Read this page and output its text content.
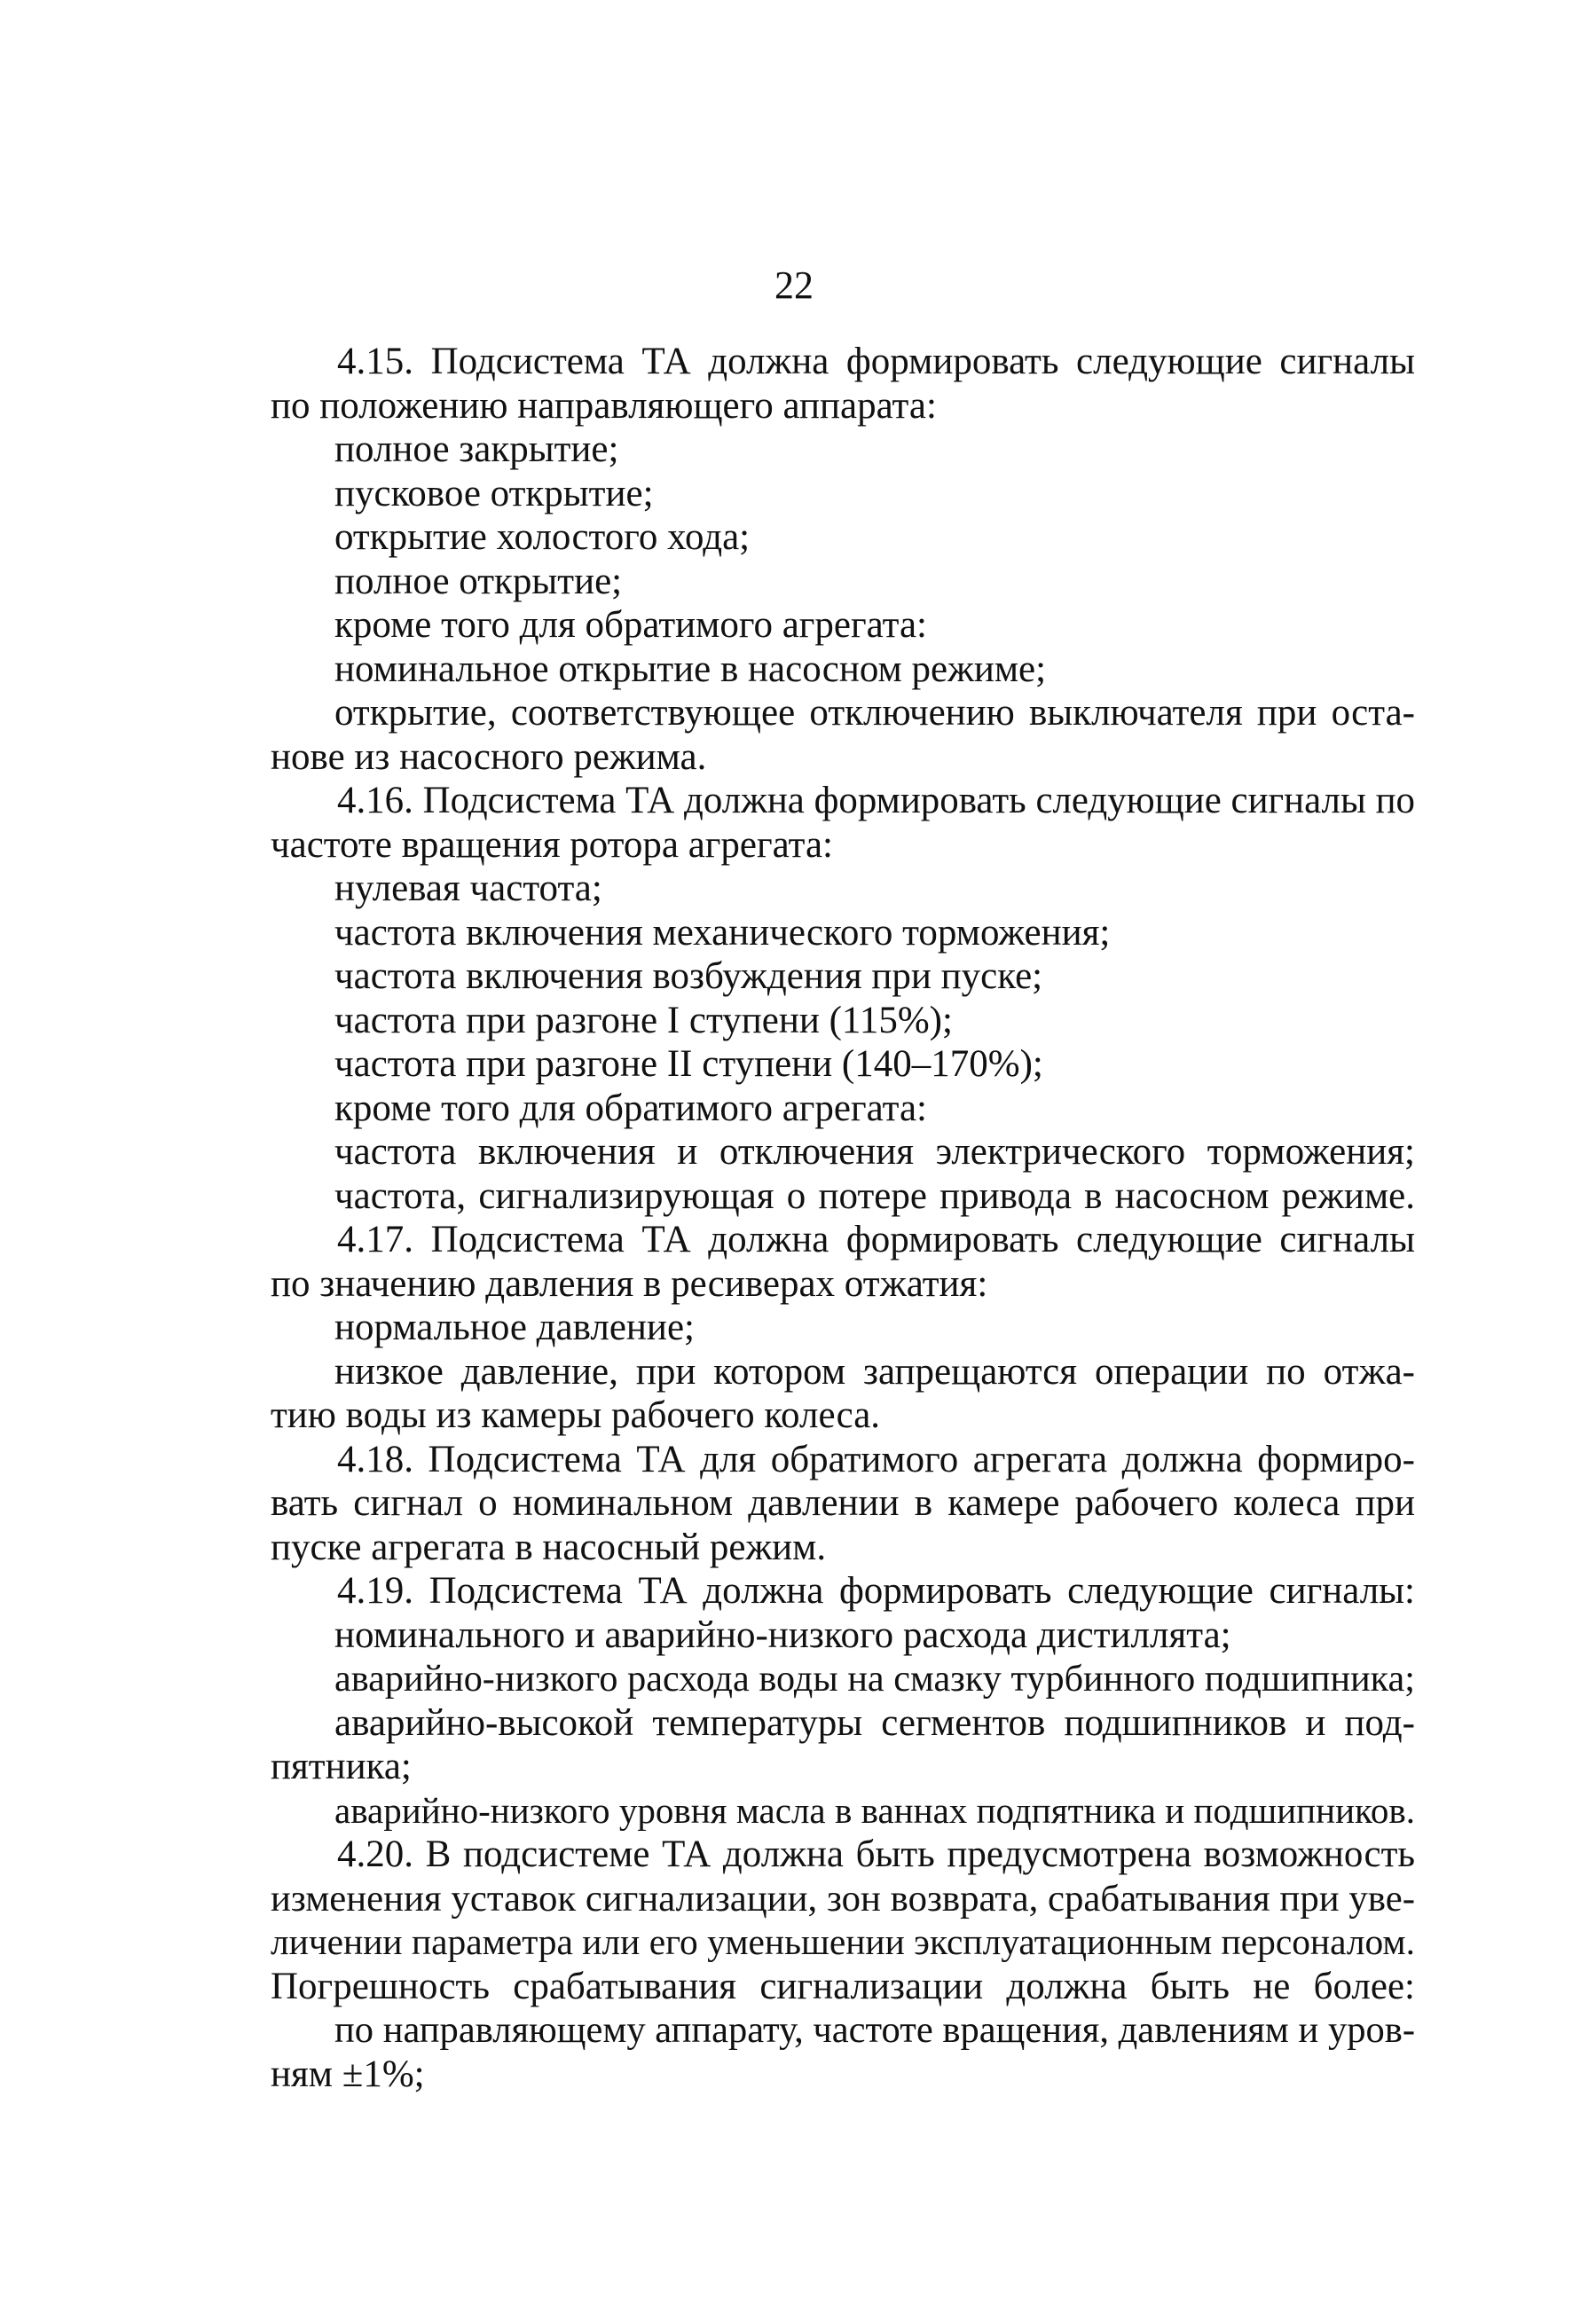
22
4.15. Подсистема ТА должна формировать следующие сигналы
по положению направляющего аппарата:
полное закрытие;
пусковое открытие;
открытие холостого хода;
полное открытие;
кроме того для обратимого агрегата:
номинальное открытие в насосном режиме;
открытие, соответствующее отключению выключателя при оста-
нове из насосного режима.
4.16. Подсистема ТА должна формировать следующие сигналы по
частоте вращения ротора агрегата:
нулевая частота;
частота включения механического торможения;
частота включения возбуждения при пуске;
частота при разгоне I ступени (115%);
частота при разгоне II ступени (140–170%);
кроме того для обратимого агрегата:
частота включения и отключения электрического торможения;
частота, сигнализирующая о потере привода в насосном режиме.
4.17. Подсистема ТА должна формировать следующие сигналы
по значению давления в ресиверах отжатия:
нормальное давление;
низкое давление, при котором запрещаются операции по отжа-
тию воды из камеры рабочего колеса.
4.18. Подсистема ТА для обратимого агрегата должна формиро-
вать сигнал о номинальном давлении в камере рабочего колеса при
пуске агрегата в насосный режим.
4.19. Подсистема ТА должна формировать следующие сигналы:
номинального и аварийно-низкого расхода дистиллята;
аварийно-низкого расхода воды на смазку турбинного подшипника;
аварийно-высокой температуры сегментов подшипников и под-
пятника;
аварийно-низкого уровня масла в ваннах подпятника и подшипников.
4.20. В подсистеме ТА должна быть предусмотрена возможность
изменения уставок сигнализации, зон возврата, срабатывания при уве-
личении параметра или его уменьшении эксплуатационным персоналом.
Погрешность срабатывания сигнализации должна быть не более:
по направляющему аппарату, частоте вращения, давлениям и уров-
ням ±1%;
